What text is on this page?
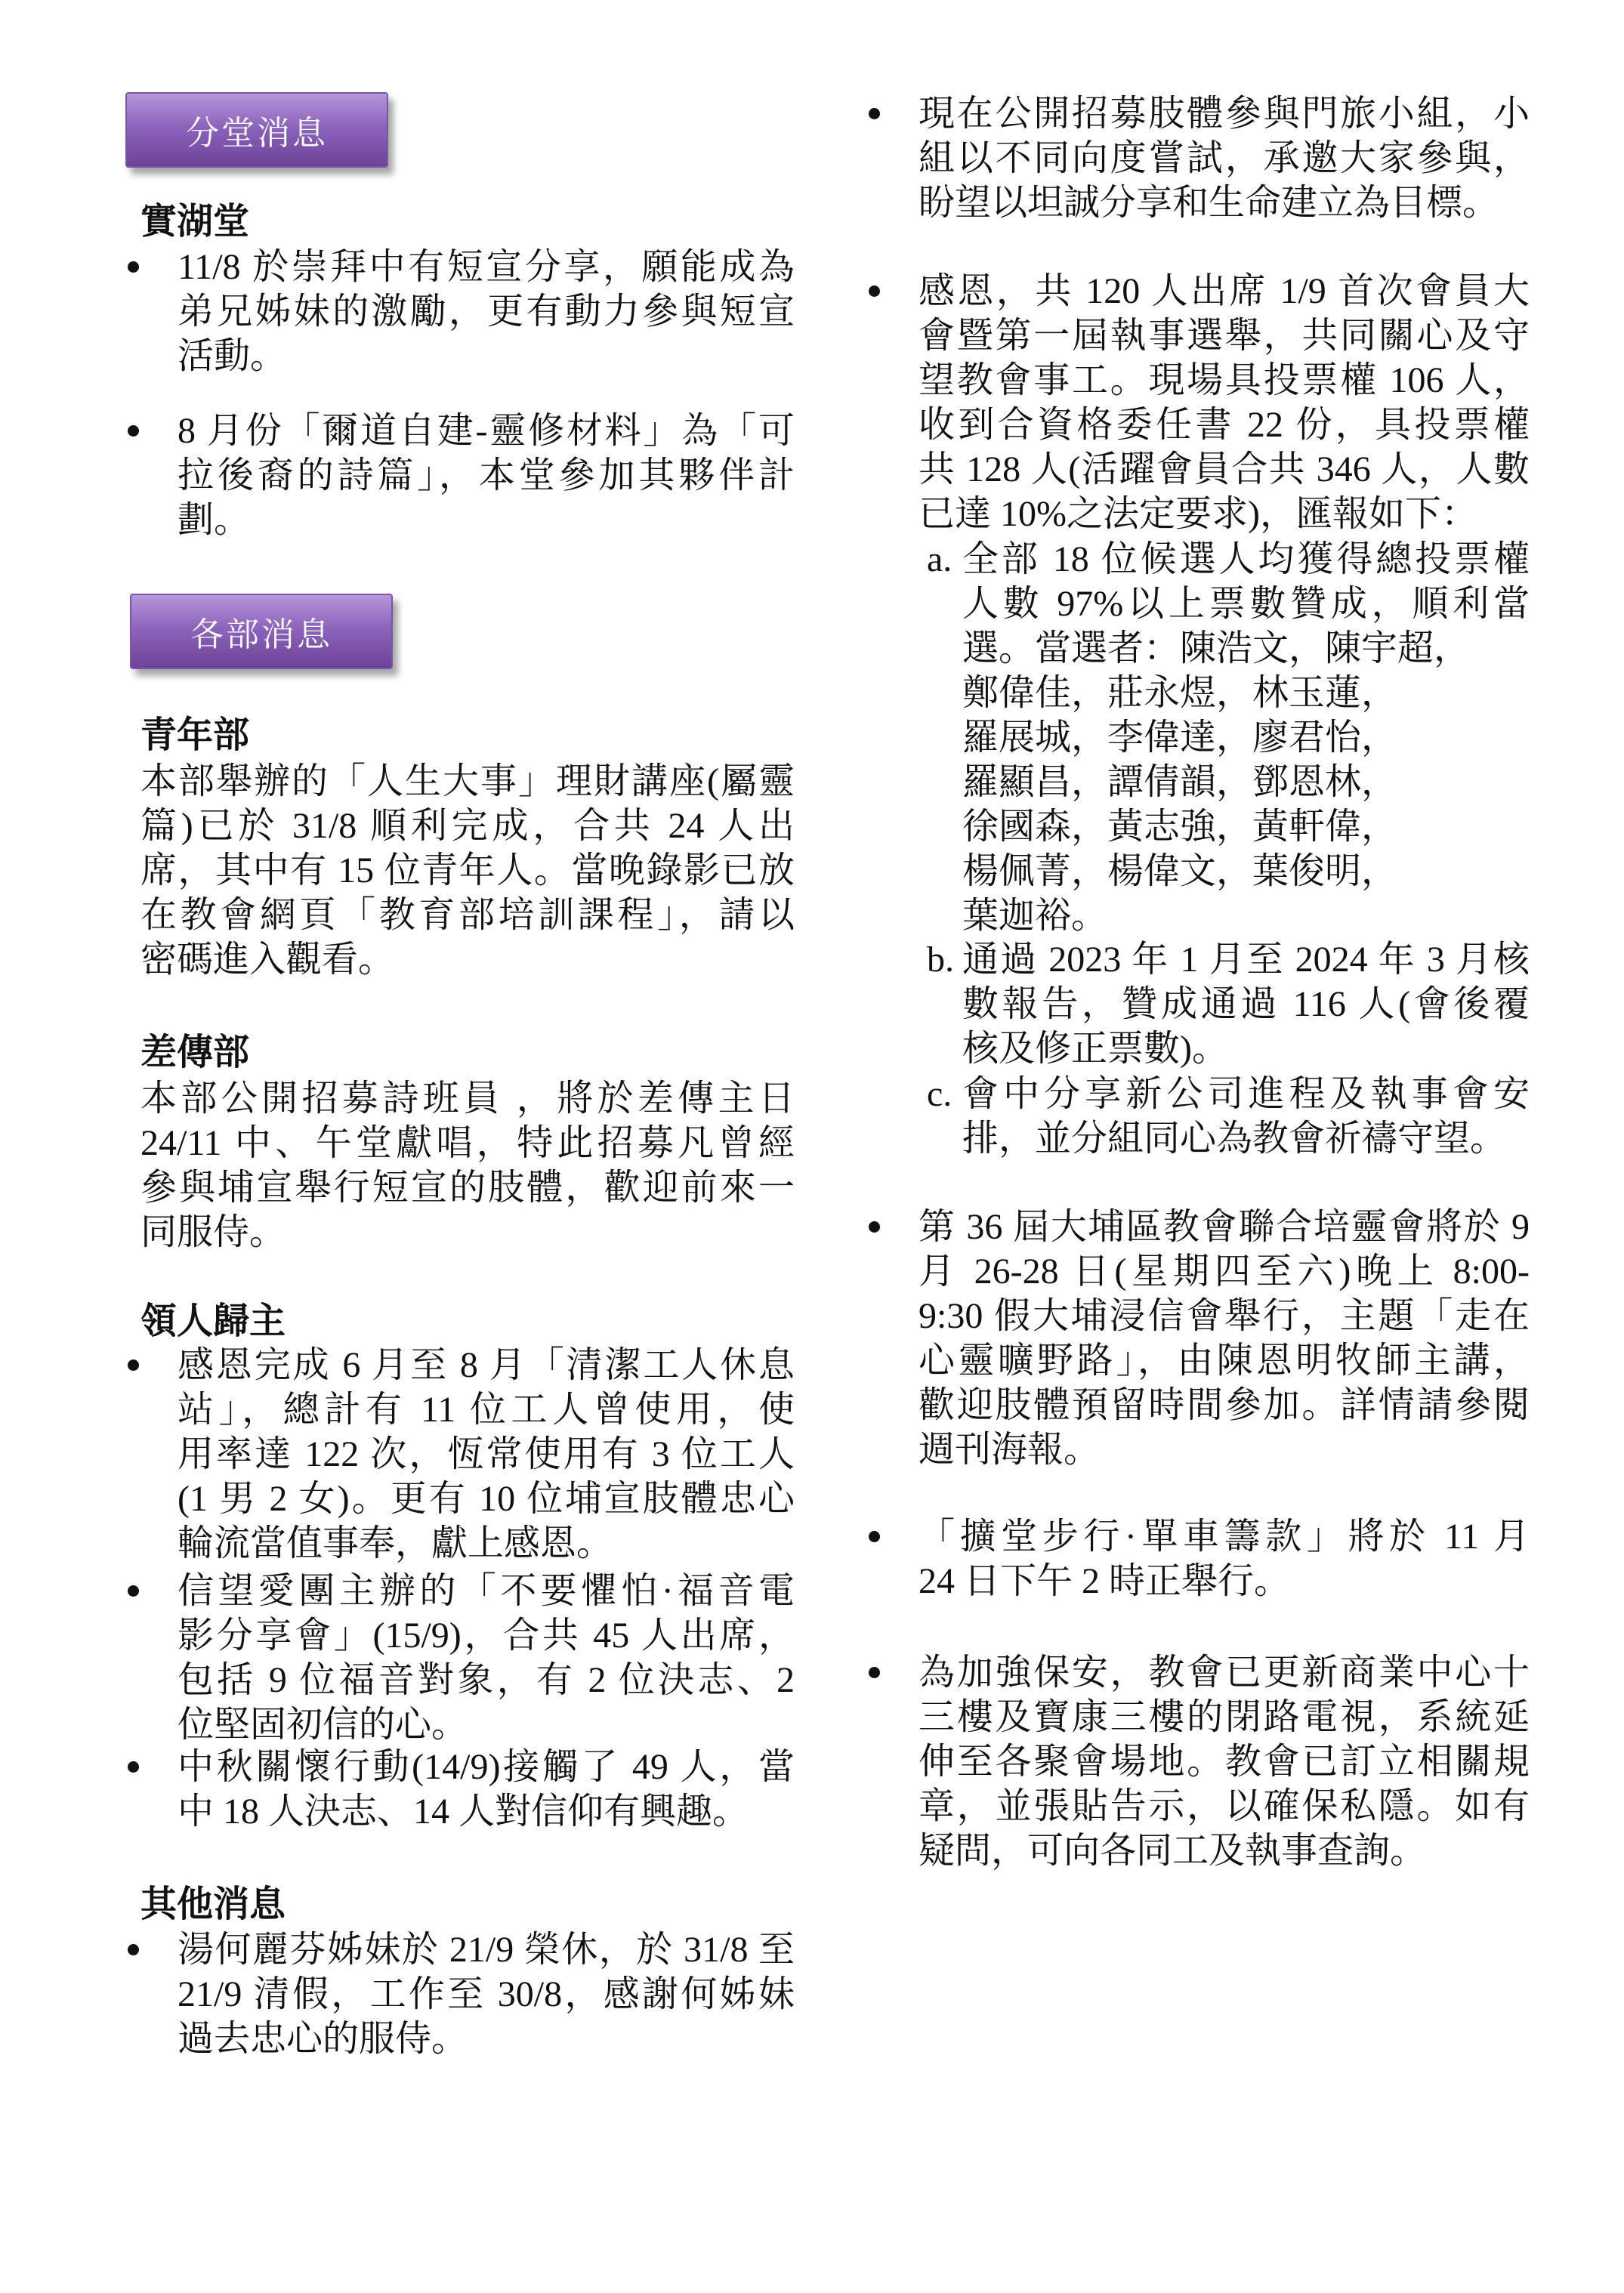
分堂消息
實湖堂
11/8 於崇拜中有短宣分享，願能成為
弟兄姊妹的激勵，更有動力參與短宣
活動。
8 月份「爾道自建-靈修材料」為「可
拉後裔的詩篇」，本堂參加其夥伴計
劃。
各部消息
青年部
本部舉辦的「人生大事」理財講座(屬靈
篇)已於 31/8 順利完成，合共 24 人出
席，其中有 15 位青年人。當晚錄影已放
在教會網頁「教育部培訓課程」，請以
密碼進入觀看。
差傳部
本部公開招募詩班員 ，將於差傳主日
24/11 中、午堂獻唱，特此招募凡曾經
參與埔宣舉行短宣的肢體，歡迎前來一
同服侍。
領人歸主
感恩完成 6 月至 8 月「清潔工人休息
站」，總計有 11 位工人曾使用，使
用率達 122 次，恆常使用有 3 位工人
(1 男 2 女)。更有 10 位埔宣肢體忠心
輪流當值事奉，獻上感恩。
信望愛團主辦的「不要懼怕·福音電
影分享會」(15/9)，合共 45 人出席，
包括 9 位福音對象，有 2 位決志、2
位堅固初信的心。
中秋關懷行動(14/9)接觸了 49 人，當
中 18 人決志、14 人對信仰有興趣。
其他消息
湯何麗芬姊妹於 21/9 榮休，於 31/8 至
21/9 清假，工作至 30/8，感謝何姊妹
過去忠心的服侍。
現在公開招募肢體參與門旅小組，小
組以不同向度嘗試，承邀大家參與，
盼望以坦誠分享和生命建立為目標。
感恩，共 120 人出席 1/9 首次會員大
會暨第一屆執事選舉，共同關心及守
望教會事工。現場具投票權 106 人，
收到合資格委任書 22 份，具投票權
共 128 人(活躍會員合共 346 人，人數
已達 10%之法定要求)，匯報如下：
a. 全部 18 位候選人均獲得總投票權
人數 97%以上票數贊成，順利當
選。當選者：陳浩文，陳宇超，
鄭偉佳，莊永煜，林玉蓮，
羅展城，李偉達，廖君怡，
羅顯昌，譚倩韻，鄧恩林，
徐國森，黃志強，黃軒偉，
楊佩菁，楊偉文，葉俊明，
葉迦裕。
b. 通過 2023 年 1 月至 2024 年 3 月核
數報告，贊成通過 116 人(會後覆
核及修正票數)。
c. 會中分享新公司進程及執事會安
排，並分組同心為教會祈禱守望。
第 36 屆大埔區教會聯合培靈會將於 9
月 26-28 日(星期四至六)晚上 8:00-
9:30 假大埔浸信會舉行，主題「走在
心靈曠野路」，由陳恩明牧師主講，
歡迎肢體預留時間參加。詳情請參閱
週刊海報。
「擴堂步行·單車籌款」將於 11 月
24 日下午 2 時正舉行。
為加強保安，教會已更新商業中心十
三樓及寶康三樓的閉路電視，系統延
伸至各聚會場地。教會已訂立相關規
章，並張貼告示，以確保私隱。如有
疑問，可向各同工及執事查詢。
